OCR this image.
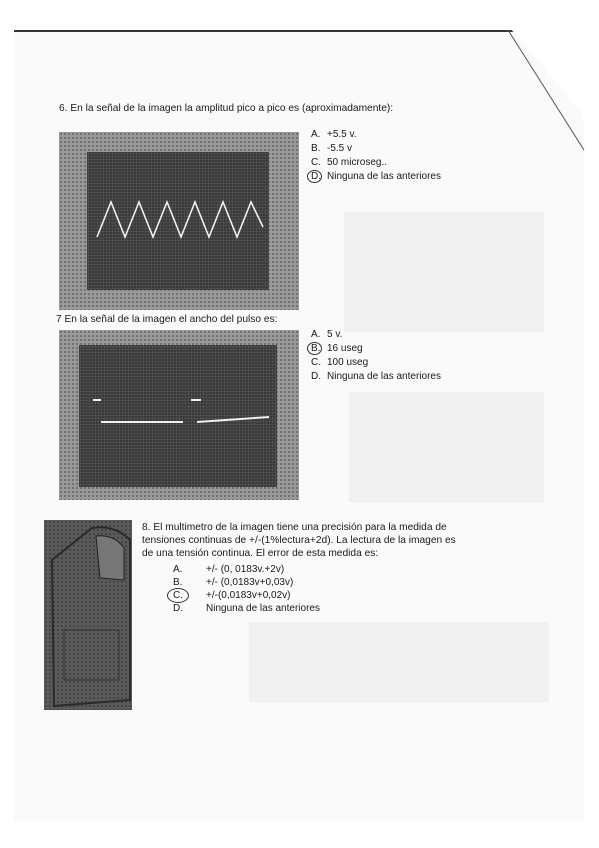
6. En la señal de la imagen la amplitud pico a pico es (aproximadamente):
A. +5.5 v.
B. -5.5 v
C. 50 microseg..
D. Ninguna de las anteriores
7 En la señal de la imagen el ancho del pulso es:
A. 5 v.
B. 16 useg
C. 100 useg
D. Ninguna de las anteriores
8. El multimetro de la imagen tiene una precisión para la medida de
tensiones continuas de +/-(1%lectura+2d). La lectura de la imagen es
de una tensión continua. El error de esta medida es:
A. +/- (0, 0183v.+2v)
B. +/- (0,0183v+0,03v)
C. +/-(0,0183v+0,02v)
D. Ninguna de las anteriores
